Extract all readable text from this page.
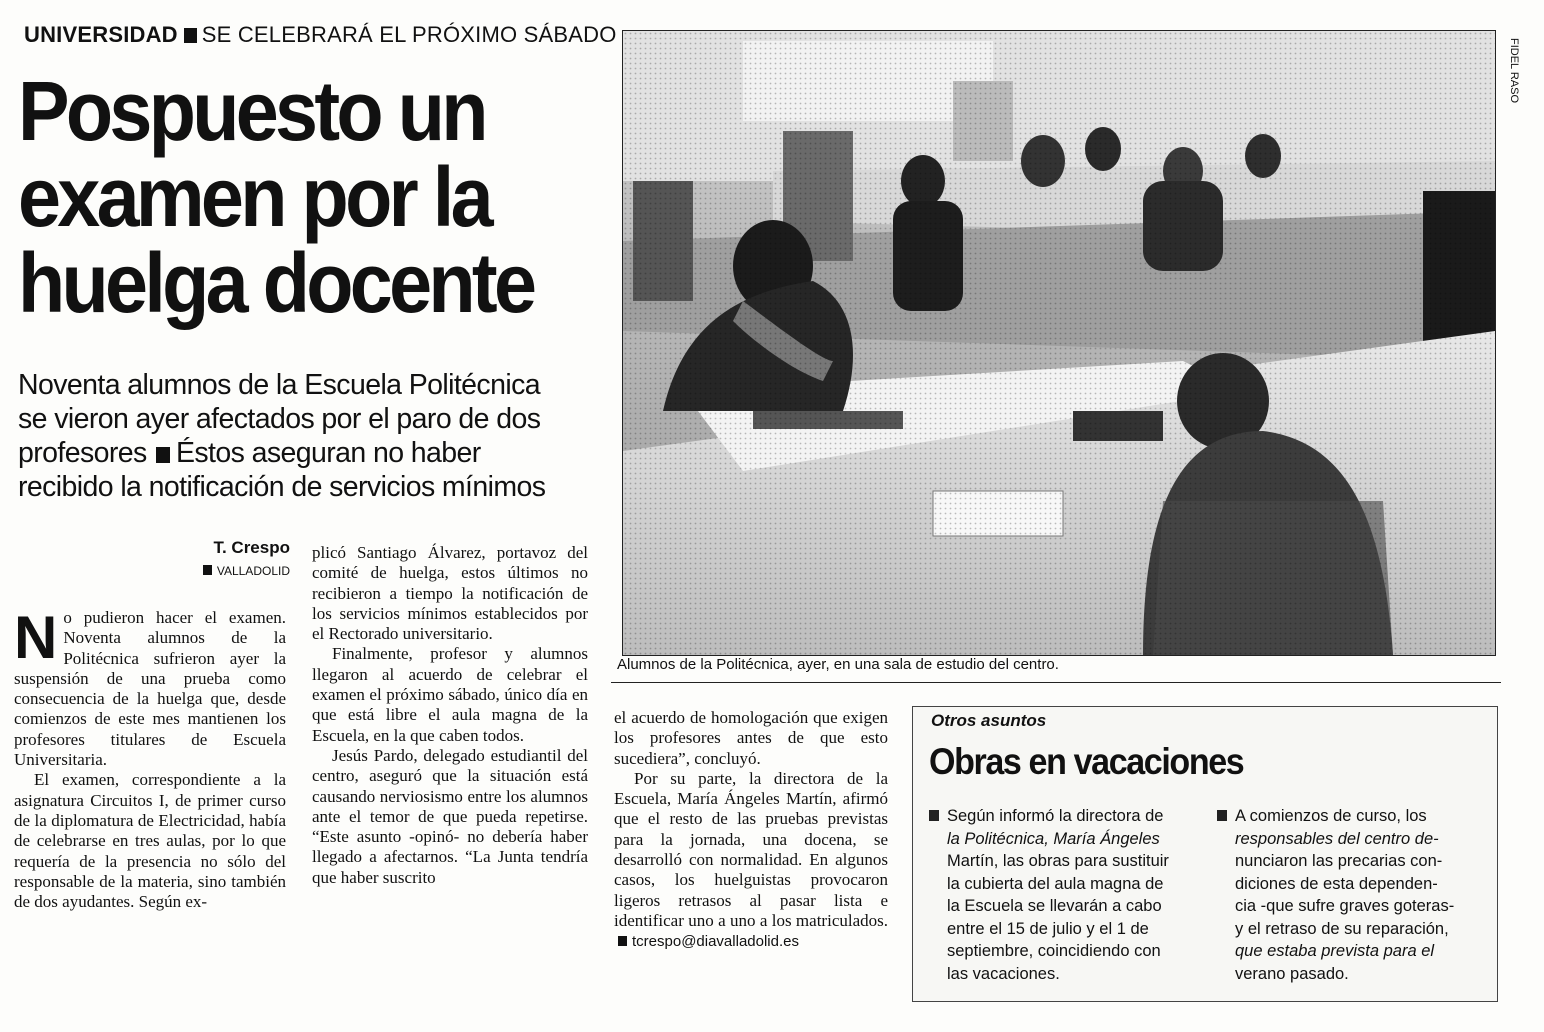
UNIVERSIDAD SE CELEBRARÁ EL PRÓXIMO SÁBADO
Pospuesto un
examen por la
huelga docente
Noventa alumnos de la Escuela Politécnica
se vieron ayer afectados por el paro de dos
profesores Éstos aseguran no haber
recibido la notificación de servicios mínimos
T. Crespo
VALLADOLID

No pudieron hacer el examen. Noventa alumnos de la Politécnica sufrieron ayer la suspensión de una prueba como consecuencia de la huelga que, desde comienzos de este mes mantienen los profesores titulares de Escuela Universitaria.

El examen, correspondiente a la asignatura Circuitos I, de primer curso de la diplomatura de Electricidad, había de celebrarse en tres aulas, por lo que requería de la presencia no sólo del responsable de la materia, sino también de dos ayudantes. Según ex-

plicó Santiago Álvarez, portavoz del comité de huelga, estos últimos no recibieron a tiempo la notificación de los servicios mínimos establecidos por el Rectorado universitario.

Finalmente, profesor y alumnos llegaron al acuerdo de celebrar el examen el próximo sábado, único día en que está libre el aula magna de la Escuela, en la que caben todos.

Jesús Pardo, delegado estudiantil del centro, aseguró que la situación está causando nerviosismo entre los alumnos ante el temor de que pueda repetirse. “Este asunto -opinó- no debería haber llegado a afectarnos. “La Junta tendría que haber suscrito

el acuerdo de homologación que exigen los profesores antes de que esto sucediera”, concluyó.

Por su parte, la directora de la Escuela, María Ángeles Martín, afirmó que el resto de las pruebas previstas para la jornada, una docena, se desarrolló con normalidad. En algunos casos, los huelguistas provocaron ligeros retrasos al pasar lista e identificar uno a uno a los matriculados.tcrespo@diavalladolid.es

FIDEL RASO
Alumnos de la Politécnica, ayer, en una sala de estudio del centro.
Otros asuntos
Obras en vacaciones
Según informó la directora de
la Politécnica, María Ángeles
Martín, las obras para sustituir
la cubierta del aula magna de
la Escuela se llevarán a cabo
entre el 15 de julio y el 1 de
septiembre, coincidiendo con
las vacaciones.
A comienzos de curso, los
responsables del centro de-
nunciaron las precarias con-
diciones de esta dependen-
cia -que sufre graves goteras-
y el retraso de su reparación,
que estaba prevista para el
verano pasado.
